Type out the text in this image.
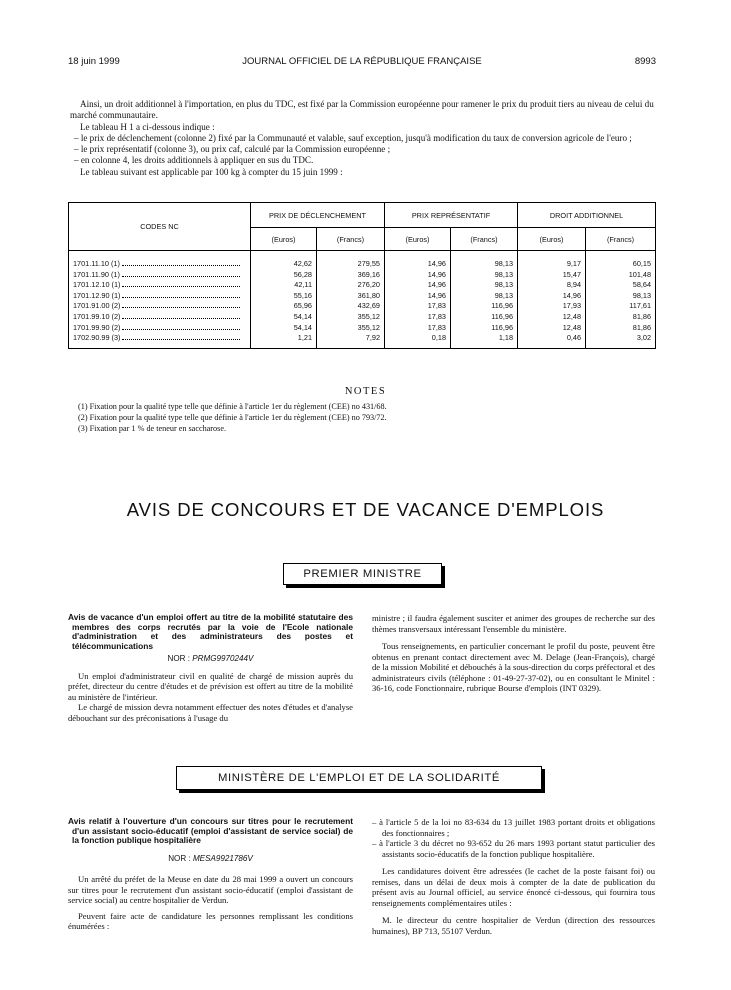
18 juin 1999	JOURNAL OFFICIEL DE LA RÉPUBLIQUE FRANÇAISE	8993

Ainsi, un droit additionnel à l'importation, en plus du TDC, est fixé par la Commission européenne pour ramener le prix du produit tiers au niveau de celui du marché communautaire.

Le tableau H 1 a ci-dessous indique :

– le prix de déclenchement (colonne 2) fixé par la Communauté et valable, sauf exception, jusqu'à modification du taux de conversion agricole de l'euro ;

– le prix représentatif (colonne 3), ou prix caf, calculé par la Commission européenne ;

– en colonne 4, les droits additionnels à appliquer en sus du TDC.

Le tableau suivant est applicable par 100 kg à compter du 15 juin 1999 :

CODES NC	PRIX DE DÉCLENCHEMENT		PRIX REPRÉSENTATIF		DROIT ADDITIONNEL	
	(Euros)	(Francs)	(Euros)	(Francs)	(Euros)	(Francs)

1701.11.10 (1)	42,62	279,55	14,96	98,13	9,17	60,15
1701.11.90 (1)	56,28	369,16	14,96	98,13	15,47	101,48
1701.12.10 (1)	42,11	276,20	14,96	98,13	8,94	58,64
1701.12.90 (1)	55,16	361,80	14,96	98,13	14,96	98,13
1701.91.00 (2)	65,96	432,69	17,83	116,96	17,93	117,61
1701.99.10 (2)	54,14	355,12	17,83	116,96	12,48	81,86
1701.99.90 (2)	54,14	355,12	17,83	116,96	12,48	81,86
1702.90.99 (3)	1,21	7,92	0,18	1,18	0,46	3,02
NOTES

(1) Fixation pour la qualité type telle que définie à l'article 1er du règlement (CEE) no 431/68.

(2) Fixation pour la qualité type telle que définie à l'article 1er du règlement (CEE) no 793/72.

(3) Fixation par 1 % de teneur en saccharose.

AVIS DE CONCOURS ET DE VACANCE D'EMPLOIS
PREMIER MINISTRE

Avis de vacance d'un emploi offert au titre de la mobilité statutaire des membres des corps recrutés par la voie de l'Ecole nationale d'administration et des administrateurs des postes et télécommunications

NOR : PRMG9970244V

Un emploi d'administrateur civil en qualité de chargé de mission auprès du préfet, directeur du centre d'études et de prévision est offert au titre de la mobilité au ministère de l'intérieur.

Le chargé de mission devra notamment effectuer des notes d'études et d'analyse débouchant sur des préconisations à l'usage du

ministre ; il faudra également susciter et animer des groupes de recherche sur des thèmes transversaux intéressant l'ensemble du ministère.

Tous renseignements, en particulier concernant le profil du poste, peuvent être obtenus en prenant contact directement avec M. Delage (Jean-François), chargé de la mission Mobilité et débouchés à la sous-direction du corps préfectoral et des administrateurs civils (téléphone : 01-49-27-37-02), ou en consultant le Minitel : 36-16, code Fonctionnaire, rubrique Bourse d'emplois (INT 0329).

MINISTÈRE DE L'EMPLOI ET DE LA SOLIDARITÉ

Avis relatif à l'ouverture d'un concours sur titres pour le recrutement d'un assistant socio-éducatif (emploi d'assistant de service social) de la fonction publique hospitalière

NOR : MESA9921786V

Un arrêté du préfet de la Meuse en date du 28 mai 1999 a ouvert un concours sur titres pour le recrutement d'un assistant socio-éducatif (emploi d'assistant de service social) au centre hospitalier de Verdun.

Peuvent faire acte de candidature les personnes remplissant les conditions énumérées :

– à l'article 5 de la loi no 83-634 du 13 juillet 1983 portant droits et obligations des fonctionnaires ;

– à l'article 3 du décret no 93-652 du 26 mars 1993 portant statut particulier des assistants socio-éducatifs de la fonction publique hospitalière.

Les candidatures doivent être adressées (le cachet de la poste faisant foi) ou remises, dans un délai de deux mois à compter de la date de publication du présent avis au Journal officiel, au service énoncé ci-dessous, qui fournira tous renseignements complémentaires utiles :

M. le directeur du centre hospitalier de Verdun (direction des ressources humaines), BP 713, 55107 Verdun.
